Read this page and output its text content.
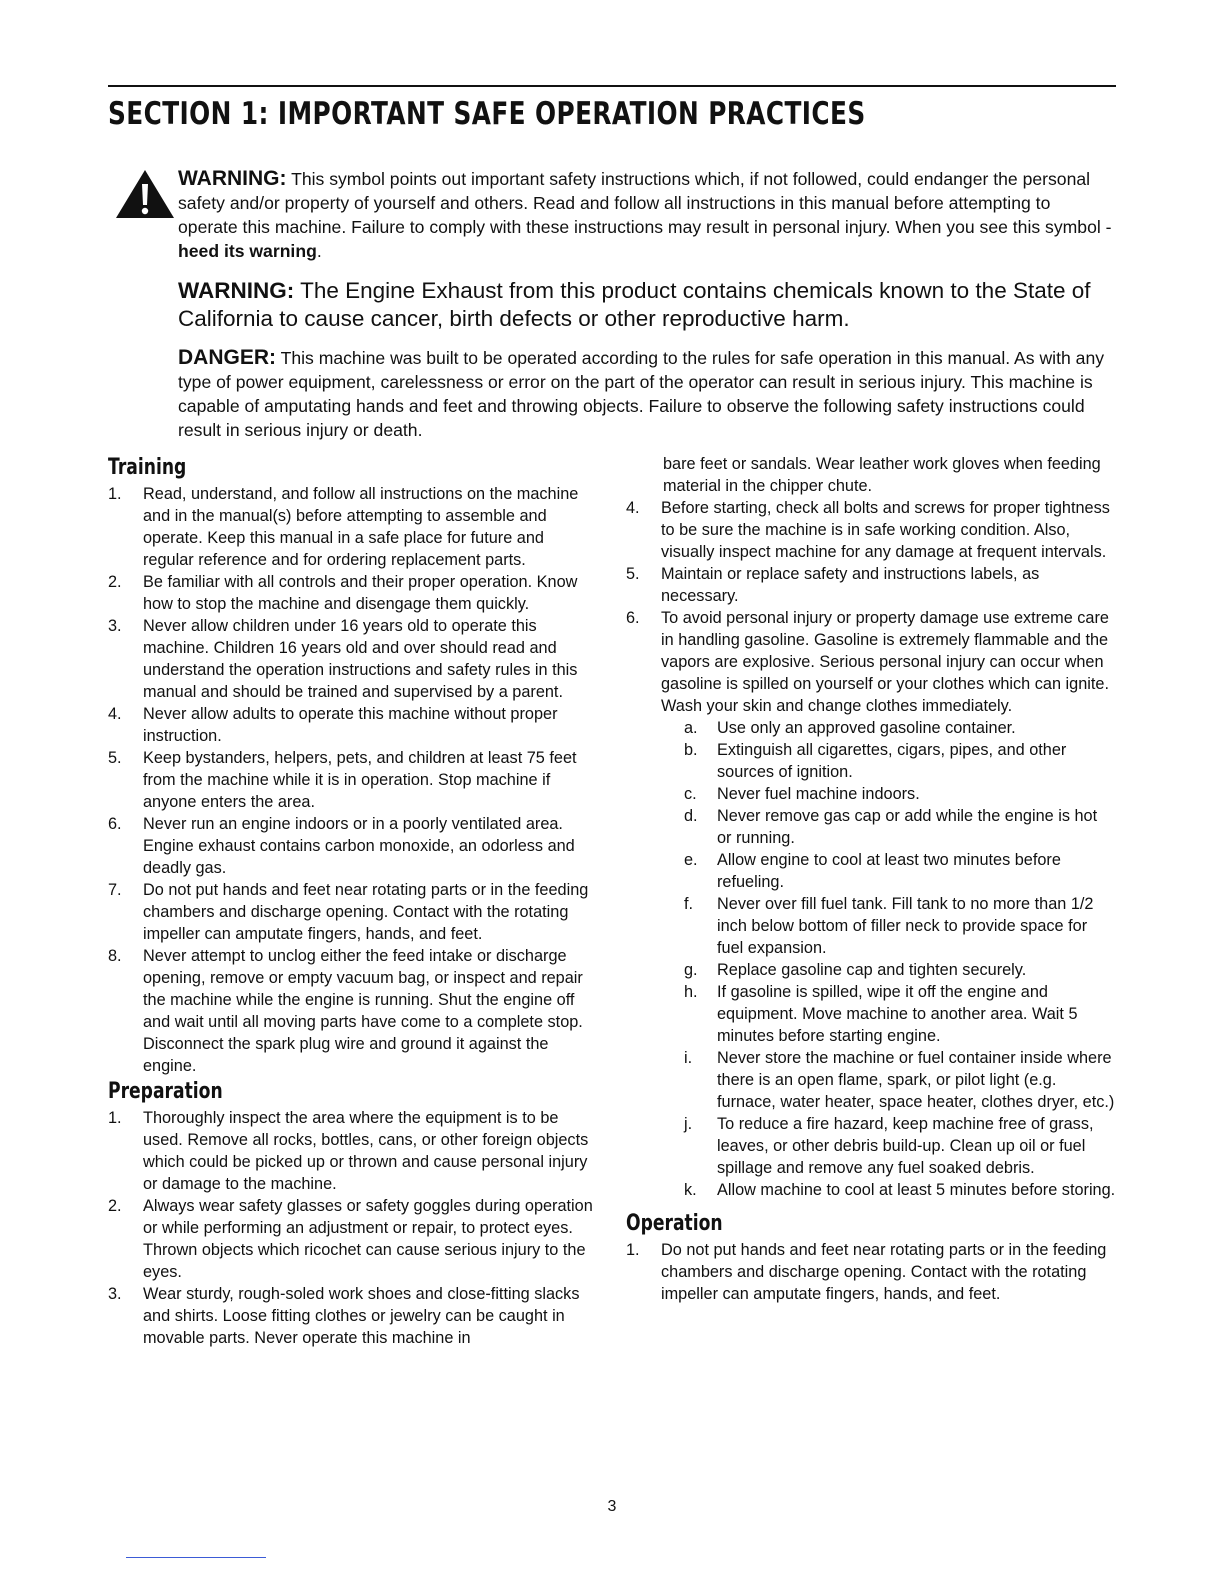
SECTION 1: IMPORTANT SAFE OPERATION PRACTICES

WARNING: This symbol points out important safety instructions which, if not followed, could endanger the personal safety and/or property of yourself and others. Read and follow all instructions in this manual before attempting to operate this machine. Failure to comply with these instructions may result in personal injury. When you see this symbol - heed its warning.

WARNING: The Engine Exhaust from this product contains chemicals known to the State of California to cause cancer, birth defects or other reproductive harm.

DANGER: This machine was built to be operated according to the rules for safe operation in this manual. As with any type of power equipment, carelessness or error on the part of the operator can result in serious injury. This machine is capable of amputating hands and feet and throwing objects. Failure to observe the following safety instructions could result in serious injury or death.

Training
1. Read, understand, and follow all instructions on the machine and in the manual(s) before attempting to assemble and operate. Keep this manual in a safe place for future and regular reference and for ordering replacement parts.
2. Be familiar with all controls and their proper operation. Know how to stop the machine and disengage them quickly.
3. Never allow children under 16 years old to operate this machine. Children 16 years old and over should read and understand the operation instructions and safety rules in this manual and should be trained and supervised by a parent.
4. Never allow adults to operate this machine without proper instruction.
5. Keep bystanders, helpers, pets, and children at least 75 feet from the machine while it is in operation. Stop machine if anyone enters the area.
6. Never run an engine indoors or in a poorly ventilated area. Engine exhaust contains carbon monoxide, an odorless and deadly gas.
7. Do not put hands and feet near rotating parts or in the feeding chambers and discharge opening. Contact with the rotating impeller can amputate fingers, hands, and feet.
8. Never attempt to unclog either the feed intake or discharge opening, remove or empty vacuum bag, or inspect and repair the machine while the engine is running. Shut the engine off and wait until all moving parts have come to a complete stop. Disconnect the spark plug wire and ground it against the engine.
Preparation
1. Thoroughly inspect the area where the equipment is to be used. Remove all rocks, bottles, cans, or other foreign objects which could be picked up or thrown and cause personal injury or damage to the machine.
2. Always wear safety glasses or safety goggles during operation or while performing an adjustment or repair, to protect eyes. Thrown objects which ricochet can cause serious injury to the eyes.
3. Wear sturdy, rough-soled work shoes and close-fitting slacks and shirts. Loose fitting clothes or jewelry can be caught in movable parts. Never operate this machine in

bare feet or sandals. Wear leather work gloves when feeding material in the chipper chute.

4. Before starting, check all bolts and screws for proper tightness to be sure the machine is in safe working condition. Also, visually inspect machine for any damage at frequent intervals.
5. Maintain or replace safety and instructions labels, as necessary.
6. To avoid personal injury or property damage use extreme care in handling gasoline. Gasoline is extremely flammable and the vapors are explosive. Serious personal injury can occur when gasoline is spilled on yourself or your clothes which can ignite. Wash your skin and change clothes immediately.
a. Use only an approved gasoline container.
b. Extinguish all cigarettes, cigars, pipes, and other sources of ignition.
c. Never fuel machine indoors.
d. Never remove gas cap or add while the engine is hot or running.
e. Allow engine to cool at least two minutes before refueling.
f. Never over fill fuel tank. Fill tank to no more than 1/2 inch below bottom of filler neck to provide space for fuel expansion.
g. Replace gasoline cap and tighten securely.
h. If gasoline is spilled, wipe it off the engine and equipment. Move machine to another area. Wait 5 minutes before starting engine.
i. Never store the machine or fuel container inside where there is an open flame, spark, or pilot light (e.g. furnace, water heater, space heater, clothes dryer, etc.)
j. To reduce a fire hazard, keep machine free of grass, leaves, or other debris build-up. Clean up oil or fuel spillage and remove any fuel soaked debris.
k. Allow machine to cool at least 5 minutes before storing.
Operation
1. Do not put hands and feet near rotating parts or in the feeding chambers and discharge opening. Contact with the rotating impeller can amputate fingers, hands, and feet.
3
